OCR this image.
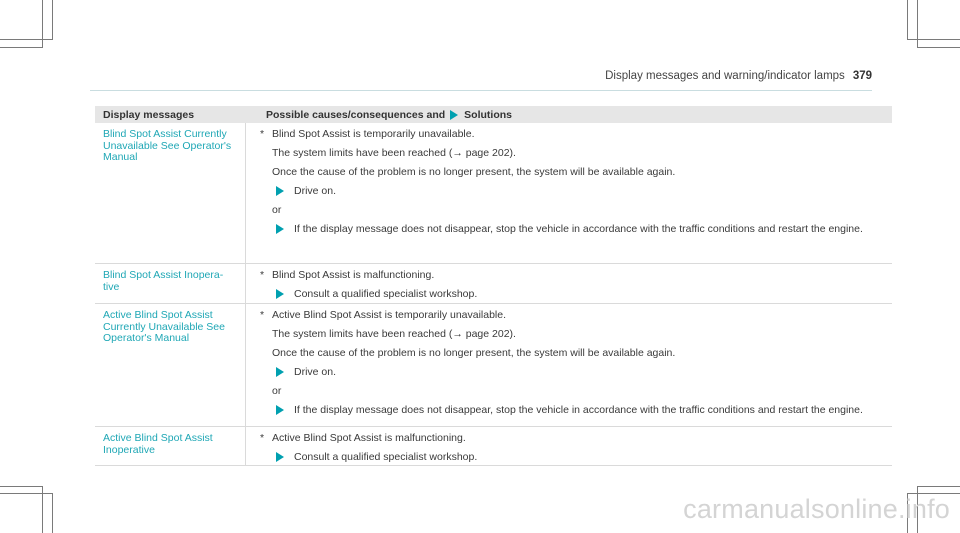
Display messages and warning/indicator lamps 379
Display messages	Possible causes/consequences and Solutions
Blind Spot Assist Currently Unavailable See Operator's Manual
* Blind Spot Assist is temporarily unavailable.
The system limits have been reached (→ page 202).
Once the cause of the problem is no longer present, the system will be available again.
Drive on.
or
If the display message does not disappear, stop the vehicle in accordance with the traffic conditions and restart the engine.
Blind Spot Assist Inopera-tive
* Blind Spot Assist is malfunctioning.
Consult a qualified specialist workshop.
Active Blind Spot Assist Currently Unavailable See Operator's Manual
* Active Blind Spot Assist is temporarily unavailable.
The system limits have been reached (→ page 202).
Once the cause of the problem is no longer present, the system will be available again.
Drive on.
or
If the display message does not disappear, stop the vehicle in accordance with the traffic conditions and restart the engine.
Active Blind Spot Assist Inoperative
* Active Blind Spot Assist is malfunctioning.
Consult a qualified specialist workshop.
carmanualsonline.info
